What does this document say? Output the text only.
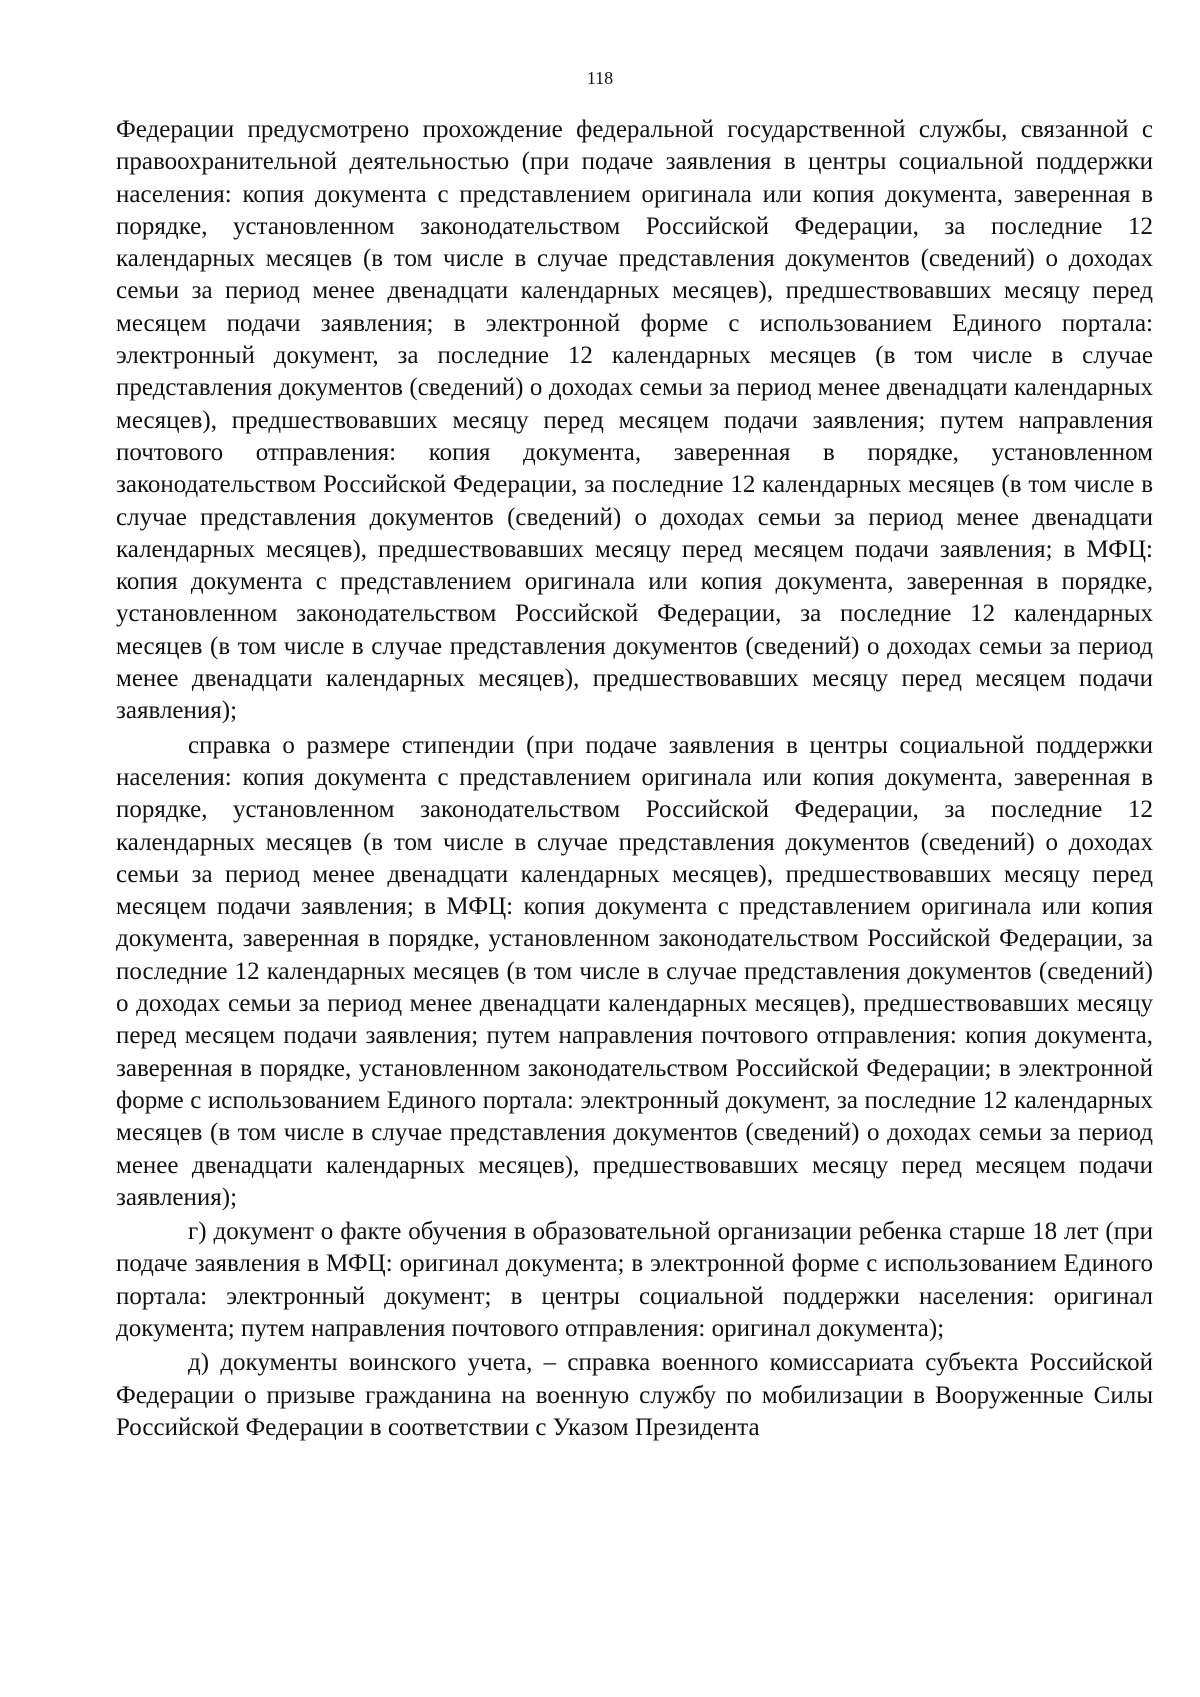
118

Федерации предусмотрено прохождение федеральной государственной службы, связанной с правоохранительной деятельностью (при подаче заявления в центры социальной поддержки населения: копия документа с представлением оригинала или копия документа, заверенная в порядке, установленном законодательством Российской Федерации, за последние 12 календарных месяцев (в том числе в случае представления документов (сведений) о доходах семьи за период менее двенадцати календарных месяцев), предшествовавших месяцу перед месяцем подачи заявления; в электронной форме с использованием Единого портала: электронный документ, за последние 12 календарных месяцев (в том числе в случае представления документов (сведений) о доходах семьи за период менее двенадцати календарных месяцев), предшествовавших месяцу перед месяцем подачи заявления; путем направления почтового отправления: копия документа, заверенная в порядке, установленном законодательством Российской Федерации, за последние 12 календарных месяцев (в том числе в случае представления документов (сведений) о доходах семьи за период менее двенадцати календарных месяцев), предшествовавших месяцу перед месяцем подачи заявления; в МФЦ: копия документа с представлением оригинала или копия документа, заверенная в порядке, установленном законодательством Российской Федерации, за последние 12 календарных месяцев (в том числе в случае представления документов (сведений) о доходах семьи за период менее двенадцати календарных месяцев), предшествовавших месяцу перед месяцем подачи заявления);

справка о размере стипендии (при подаче заявления в центры социальной поддержки населения: копия документа с представлением оригинала или копия документа, заверенная в порядке, установленном законодательством Российской Федерации, за последние 12 календарных месяцев (в том числе в случае представления документов (сведений) о доходах семьи за период менее двенадцати календарных месяцев), предшествовавших месяцу перед месяцем подачи заявления; в МФЦ: копия документа с представлением оригинала или копия документа, заверенная в порядке, установленном законодательством Российской Федерации, за последние 12 календарных месяцев (в том числе в случае представления документов (сведений) о доходах семьи за период менее двенадцати календарных месяцев), предшествовавших месяцу перед месяцем подачи заявления; путем направления почтового отправления: копия документа, заверенная в порядке, установленном законодательством Российской Федерации; в электронной форме с использованием Единого портала: электронный документ, за последние 12 календарных месяцев (в том числе в случае представления документов (сведений) о доходах семьи за период менее двенадцати календарных месяцев), предшествовавших месяцу перед месяцем подачи заявления);

г) документ о факте обучения в образовательной организации ребенка старше 18 лет (при подаче заявления в МФЦ: оригинал документа; в электронной форме с использованием Единого портала: электронный документ; в центры социальной поддержки населения: оригинал документа; путем направления почтового отправления: оригинал документа);

д) документы воинского учета, – справка военного комиссариата субъекта Российской Федерации о призыве гражданина на военную службу по мобилизации в Вооруженные Силы Российской Федерации в соответствии с Указом Президента
